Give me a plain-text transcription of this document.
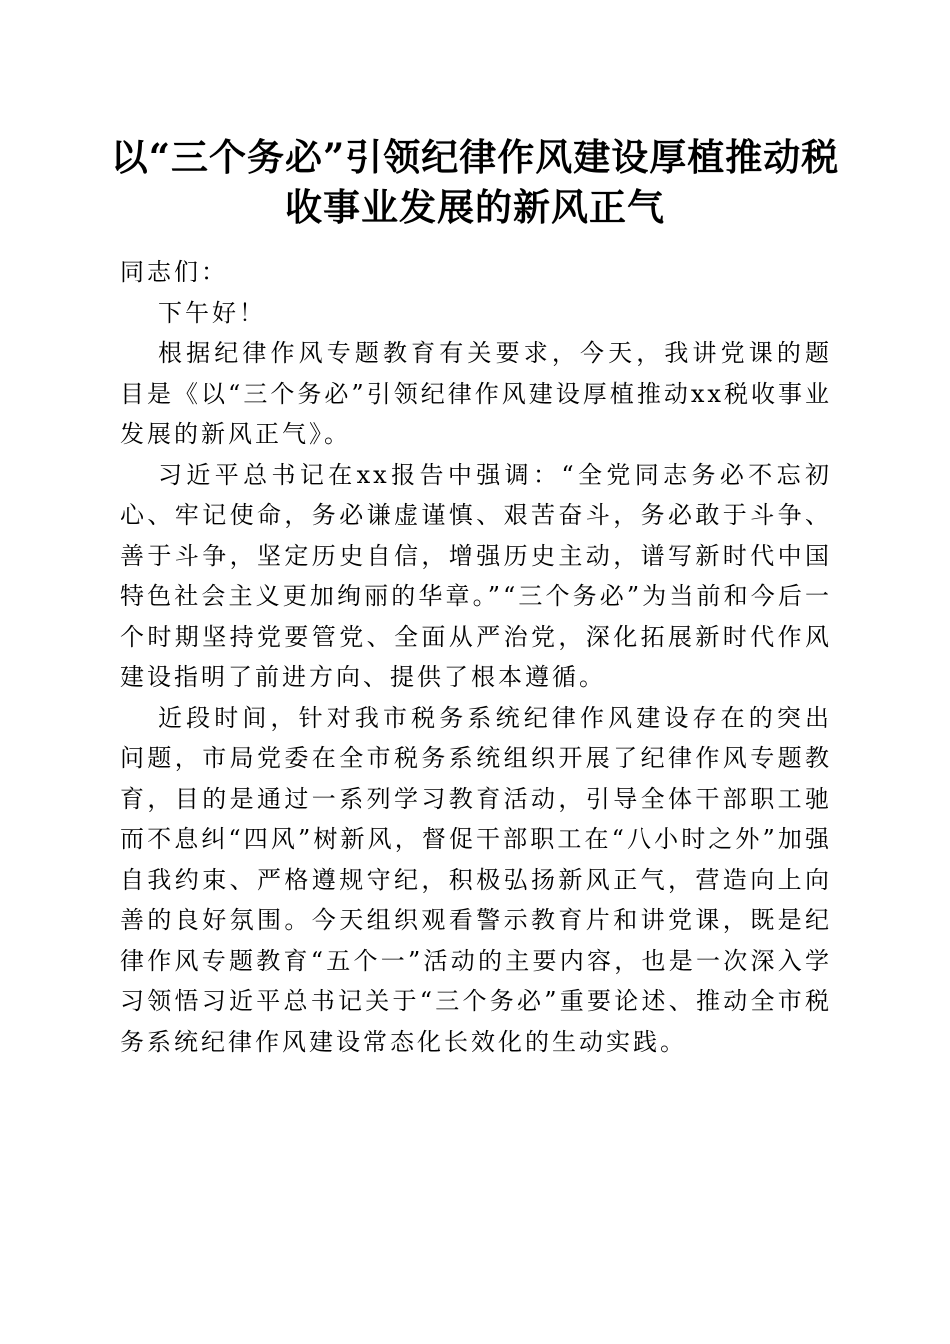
以“三个务必”引领纪律作风建设厚植推动税
收事业发展的新风正气

同志们：

下午好！

根据纪律作风专题教育有关要求，今天，我讲党课的题目是《以“三个务必”引领纪律作风建设厚植推动xx税收事业发展的新风正气》。

习近平总书记在xx报告中强调：“全党同志务必不忘初心、牢记使命，务必谦虚谨慎、艰苦奋斗，务必敢于斗争、善于斗争，坚定历史自信，增强历史主动，谱写新时代中国特色社会主义更加绚丽的华章。”“三个务必”为当前和今后一个时期坚持党要管党、全面从严治党，深化拓展新时代作风建设指明了前进方向、提供了根本遵循。

近段时间，针对我市税务系统纪律作风建设存在的突出问题，市局党委在全市税务系统组织开展了纪律作风专题教育，目的是通过一系列学习教育活动，引导全体干部职工驰而不息纠“四风”树新风，督促干部职工在“八小时之外”加强自我约束、严格遵规守纪，积极弘扬新风正气，营造向上向善的良好氛围。今天组织观看警示教育片和讲党课，既是纪律作风专题教育“五个一”活动的主要内容，也是一次深入学习领悟习近平总书记关于“三个务必”重要论述、推动全市税务系统纪律作风建设常态化长效化的生动实践。
